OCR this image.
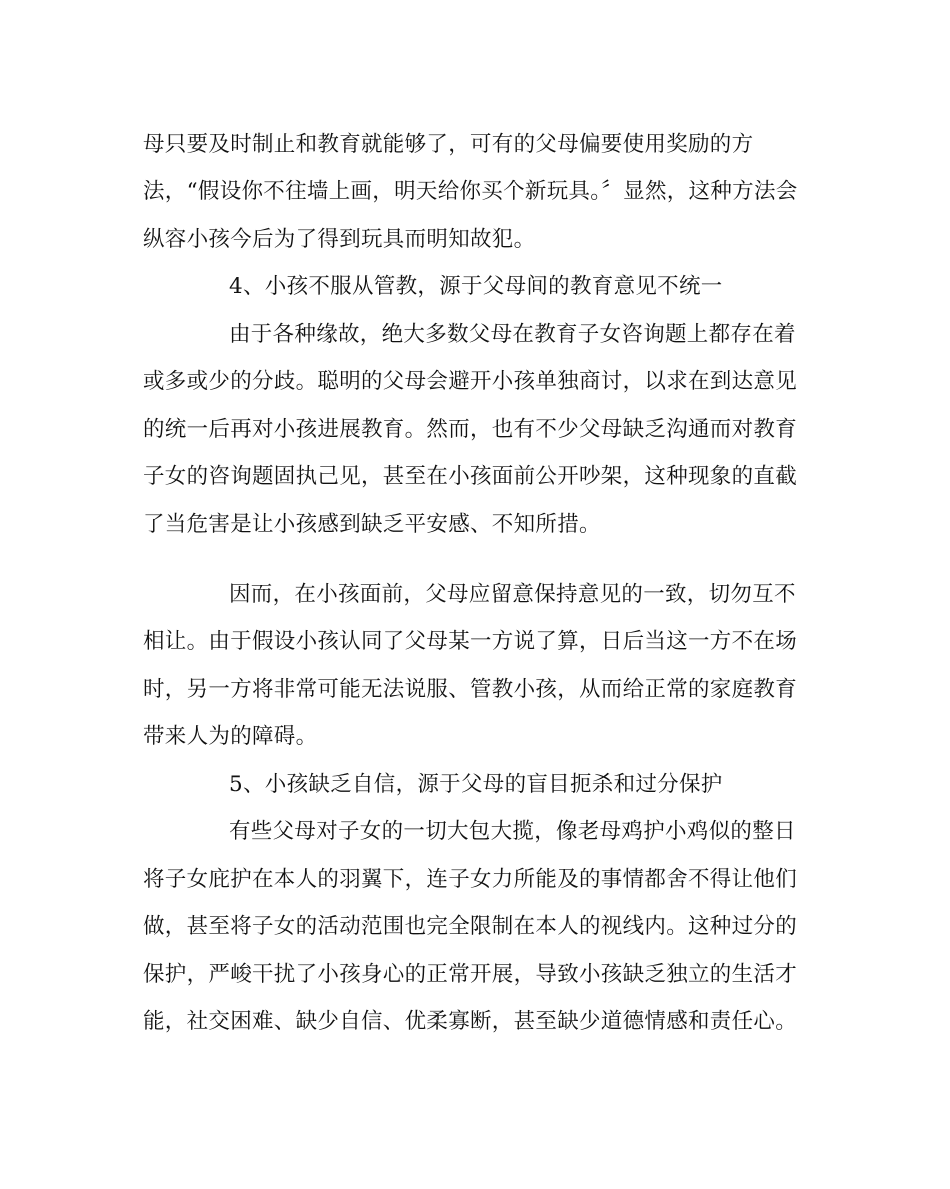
母只要及时制止和教育就能够了，可有的父母偏要使用奖励的方
法，“假设你不往墙上画，明天给你买个新玩具。〞显然，这种方法会
纵容小孩今后为了得到玩具而明知故犯。
4、小孩不服从管教，源于父母间的教育意见不统一
由于各种缘故，绝大多数父母在教育子女咨询题上都存在着
或多或少的分歧。聪明的父母会避开小孩单独商讨，以求在到达意见
的统一后再对小孩进展教育。然而，也有不少父母缺乏沟通而对教育
子女的咨询题固执己见，甚至在小孩面前公开吵架，这种现象的直截
了当危害是让小孩感到缺乏平安感、不知所措。
因而，在小孩面前，父母应留意保持意见的一致，切勿互不
相让。由于假设小孩认同了父母某一方说了算，日后当这一方不在场
时，另一方将非常可能无法说服、管教小孩，从而给正常的家庭教育
带来人为的障碍。
5、小孩缺乏自信，源于父母的盲目扼杀和过分保护
有些父母对子女的一切大包大揽，像老母鸡护小鸡似的整日
将子女庇护在本人的羽翼下，连子女力所能及的事情都舍不得让他们
做，甚至将子女的活动范围也完全限制在本人的视线内。这种过分的
保护，严峻干扰了小孩身心的正常开展，导致小孩缺乏独立的生活才
能，社交困难、缺少自信、优柔寡断，甚至缺少道德情感和责任心。
